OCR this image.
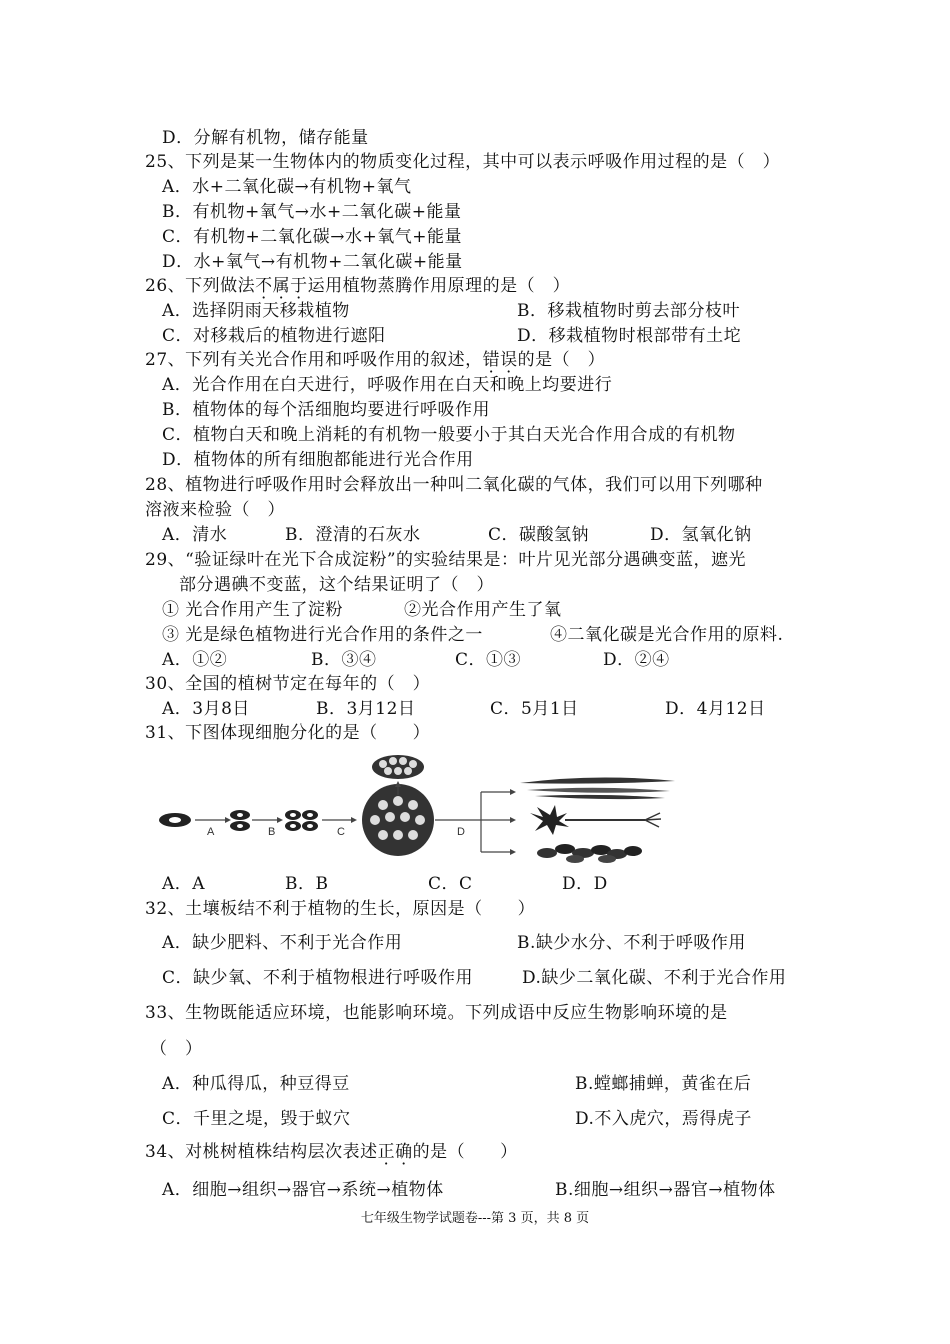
D．分解有机物，储存能量
25、下列是某一生物体内的物质变化过程，其中可以表示呼吸作用过程的是（　）
A．水+二氧化碳→有机物+氧气
B．有机物+氧气→水+二氧化碳+能量
C．有机物+二氧化碳→水+氧气+能量
D．水+氧气→有机物+二氧化碳+能量
26、下列做法不属于运用植物蒸腾作用原理的是（　）
A．选择阴雨天移栽植物	B．移栽植物时剪去部分枝叶
C．对移栽后的植物进行遮阳	D．移栽植物时根部带有土坨
27、下列有关光合作用和呼吸作用的叙述，错误的是（　）
A．光合作用在白天进行，呼吸作用在白天和晚上均要进行
B．植物体的每个活细胞均要进行呼吸作用
C．植物白天和晚上消耗的有机物一般要小于其白天光合作用合成的有机物
D．植物体的所有细胞都能进行光合作用
28、植物进行呼吸作用时会释放出一种叫二氧化碳的气体，我们可以用下列哪种
溶液来检验（　）
A．清水	B．澄清的石灰水	C．碳酸氢钠	D．氢氧化钠
29、“验证绿叶在光下合成淀粉”的实验结果是：叶片见光部分遇碘变蓝，遮光
部分遇碘不变蓝，这个结果证明了（　）
① 光合作用产生了淀粉	②光合作用产生了氧
③ 光是绿色植物进行光合作用的条件之一	④二氧化碳是光合作用的原料.
A．①②	B．③④	C．①③	D．②④
30、全国的植树节定在每年的（　）
A．3月8日	B．3月12日	C．5月1日	D．4月12日
31、下图体现细胞分化的是（　　）
A	B	C	D
A．A	B．B	C．C	D．D
32、土壤板结不利于植物的生长，原因是（　　）
A．缺少肥料、不利于光合作用	B.缺少水分、不利于呼吸作用
C．缺少氧、不利于植物根进行呼吸作用	D.缺少二氧化碳、不利于光合作用
33、生物既能适应环境，也能影响环境。下列成语中反应生物影响环境的是
（　）
A．种瓜得瓜，种豆得豆	B.螳螂捕蝉，黄雀在后
C．千里之堤，毁于蚁穴	D.不入虎穴，焉得虎子
34、对桃树植株结构层次表述正确的是（　　）
A．细胞→组织→器官→系统→植物体	B.细胞→组织→器官→植物体
七年级生物学试题卷---第 3 页，共 8 页
